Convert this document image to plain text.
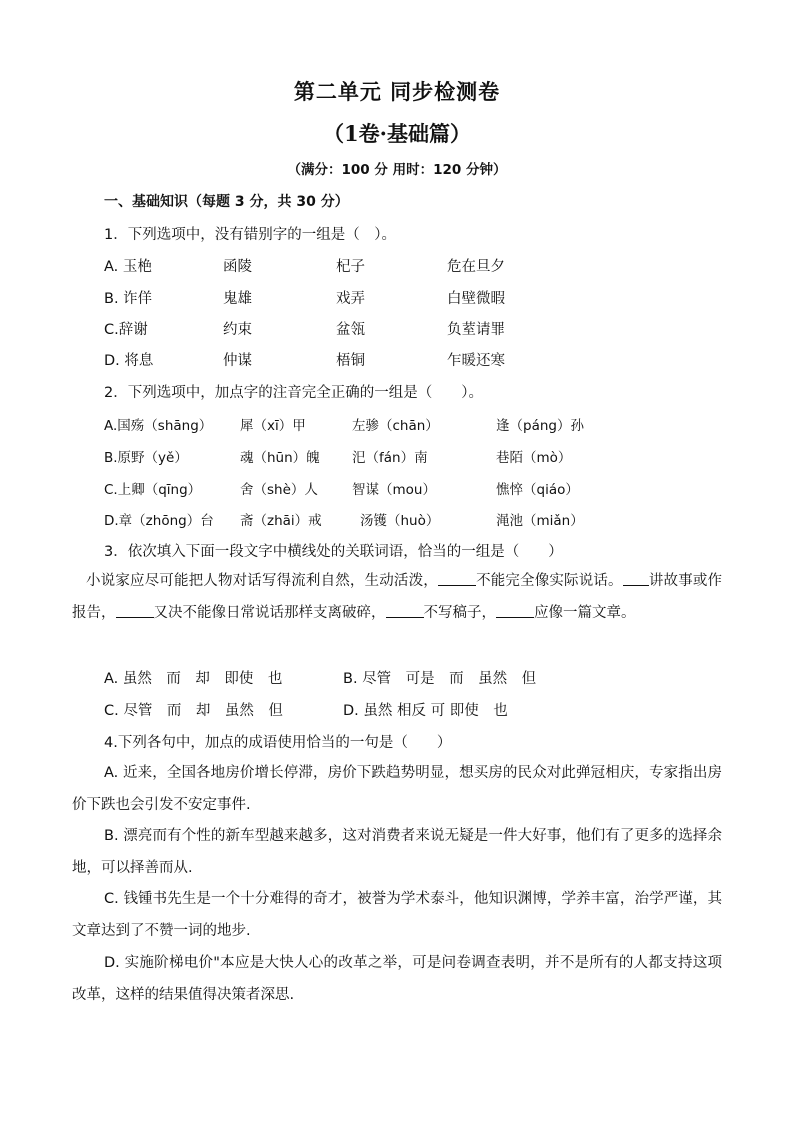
第二单元 同步检测卷
（1卷·基础篇）
（满分：100 分 用时：120 分钟）
一、基础知识（每题 3 分，共 30 分）
1．下列选项中，没有错别字的一组是（　）。
A. 玉栬	函陵	杞子	危在旦夕
B. 诈佯	鬼雄	戏弄	白壁微暇
C.辞谢	约束	盆瓴	负荎请罪
D. 将息	仲谋	梧铜	乍暖还寒
2．下列选项中，加点字的注音完全正确的一组是（　　）。
A.国殇（shāng） 犀（xī）甲	左骖（chān）	逢（páng）孙
B.原野（yě）	魂（hūn）魄 汜（fán）南	巷陌（mò）
C.上卿（qīng）	舍（shè）人	智谋（mou）	憔悴（qiáo）
D.章（zhōng）台 斋（zhāi）戒	汤镬（huò）	渑池（miǎn）
3．依次填入下面一段文字中横线处的关联词语，恰当的一组是（　　）
小说家应尽可能把人物对话写得流利自然，生动活泼，	不能完全像实际说话。 讲故事或作报告，	又决不能像日常说话那样支离破碎，	不写稿子，	应像一篇文章。
A. 虽然　而　却　即使　也	B. 尽管　可是　而　虽然　但
C. 尽管　而　却　虽然　但	D. 虽然 相反 可 即使　也
4.下列各句中，加点的成语使用恰当的一句是（　　）
A. 近来，全国各地房价增长停滞，房价下跌趋势明显，想买房的民众对此弹冠相庆，专家指出房价下跌也会引发不安定事件.
B. 漂亮而有个性的新车型越来越多，这对消费者来说无疑是一件大好事，他们有了更多的选择余地，可以择善而从.
C. 钱锺书先生是一个十分难得的奇才，被誉为学术泰斗，他知识渊博，学养丰富，治学严谨，其文章达到了不赞一词的地步.
D. 实施阶梯电价"本应是大快人心的改革之举，可是问卷调查表明，并不是所有的人都支持这项改革，这样的结果值得决策者深思.
